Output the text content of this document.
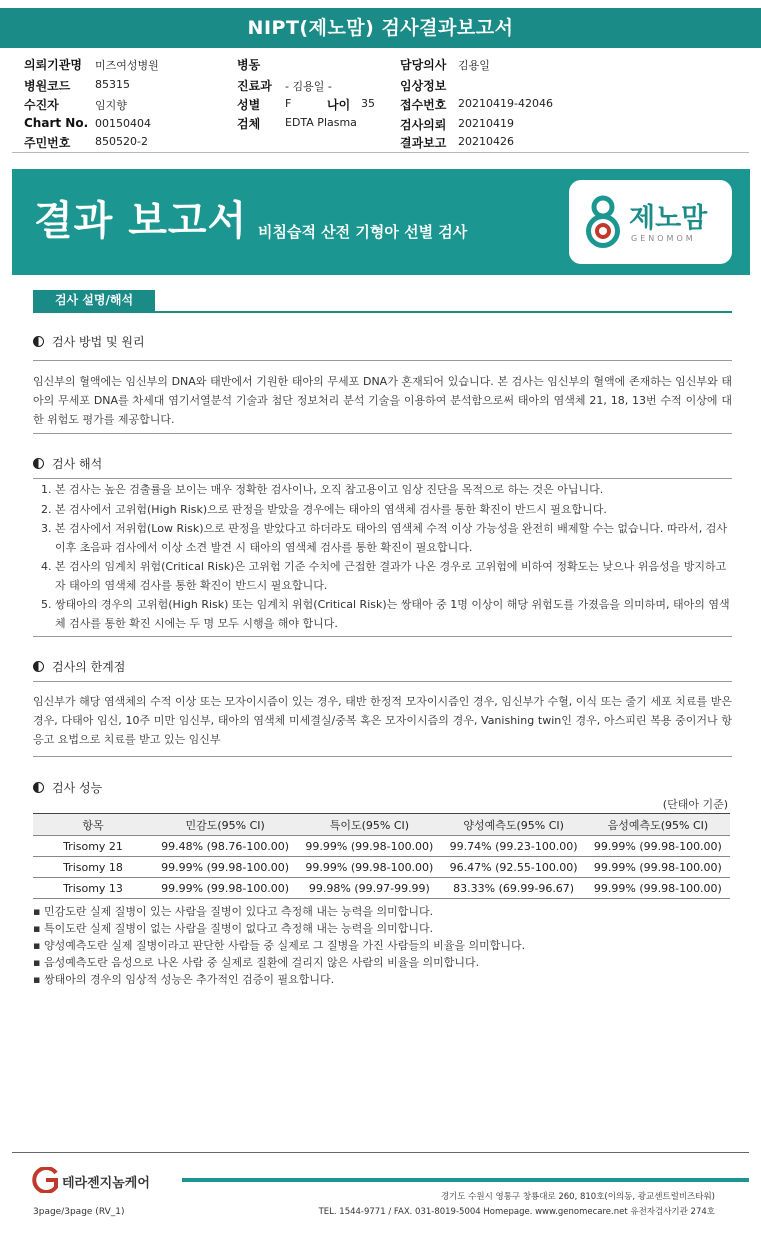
NIPT(제노맘) 검사결과보고서
의뢰기관명 미즈여성병원
병원코드 85315
수진자	임지향
Chart No. 00150404
주민번호 850520-2
병동
진료과 - 김용일 -
성별 F	나이 35
검체 EDTA Plasma
담당의사 김용일
임상정보
접수번호 20210419-42046
검사의뢰 20210419
결과보고 20210426
결과 보고서 비침습적 산전 기형아 선별 검사	제노맘
GENOMOM
검사 설명/해석
검사 방법 및 원리
임신부의 혈액에는 임신부의 DNA와 태반에서 기원한 태아의 무세포 DNA가 혼재되어 있습니다. 본 검사는 임신부의 혈액에 존재하는 임신부와 태아의 무세포 DNA를 차세대 염기서열분석 기술과 첨단 정보처리 분석 기술을 이용하여 분석함으로써 태아의 염색체 21, 18, 13번 수적 이상에 대한 위험도 평가를 제공합니다.
검사 해석
1. 본 검사는 높은 검출률을 보이는 매우 정확한 검사이나, 오직 참고용이고 임상 진단을 목적으로 하는 것은 아닙니다.
2. 본 검사에서 고위험(High Risk)으로 판정을 받았을 경우에는 태아의 염색체 검사를 통한 확진이 반드시 필요합니다.
3. 본 검사에서 저위험(Low Risk)으로 판정을 받았다고 하더라도 태아의 염색체 수적 이상 가능성을 완전히 배제할 수는 없습니다. 따라서, 검사 이후 초음파 검사에서 이상 소견 발견 시 태아의 염색체 검사를 통한 확진이 필요합니다.
4. 본 검사의 임계치 위험(Critical Risk)은 고위험 기준 수치에 근접한 결과가 나온 경우로 고위험에 비하여 정확도는 낮으나 위음성을 방지하고자 태아의 염색체 검사를 통한 확진이 반드시 필요합니다.
5. 쌍태아의 경우의 고위험(High Risk) 또는 임계치 위험(Critical Risk)는 쌍태아 중 1명 이상이 해당 위험도를 가졌음을 의미하며, 태아의 염색체 검사를 통한 확진 시에는 두 명 모두 시행을 해야 합니다.
검사의 한계점
임신부가 해당 염색체의 수적 이상 또는 모자이시즘이 있는 경우, 태반 한정적 모자이시즘인 경우, 임신부가 수혈, 이식 또는 줄기 세포 치료를 받은 경우, 다태아 임신, 10주 미만 임신부, 태아의 염색체 미세결실/중복 혹은 모자이시즘의 경우, Vanishing twin인 경우, 아스피린 복용 중이거나 항 응고 요법으로 치료를 받고 있는 임신부
검사 성능
(단태아 기준)
항목	민감도(95% CI)	특이도(95% CI)	양성예측도(95% CI)	음성예측도(95% CI)
Trisomy 21	99.48% (98.76-100.00)	99.99% (99.98-100.00)	99.74% (99.23-100.00)	99.99% (99.98-100.00)
Trisomy 18	99.99% (99.98-100.00)	99.99% (99.98-100.00)	96.47% (92.55-100.00)	99.99% (99.98-100.00)
Trisomy 13	99.99% (99.98-100.00)	99.98% (99.97-99.99)	83.33% (69.99-96.67)	99.99% (99.98-100.00)
▪ 민감도란 실제 질병이 있는 사람을 질병이 있다고 측정해 내는 능력을 의미합니다.
▪ 특이도란 실제 질병이 없는 사람을 질병이 없다고 측정해 내는 능력을 의미합니다.
▪ 양성예측도란 실제 질병이라고 판단한 사람들 중 실제로 그 질병을 가진 사람들의 비율을 의미합니다.
▪ 음성예측도란 음성으로 나온 사람 중 실제로 질환에 걸리지 않은 사람의 비율을 의미합니다.
▪ 쌍태아의 경우의 임상적 성능은 추가적인 검증이 필요합니다.
테라젠지놈케어
경기도 수원시 영통구 창룡대로 260, 810호(이의동, 광교센트럴비즈타워)
TEL. 1544-9771 / FAX. 031-8019-5004 Homepage. www.genomecare.net 유전자검사기관 274호
3page/3page (RV_1)
